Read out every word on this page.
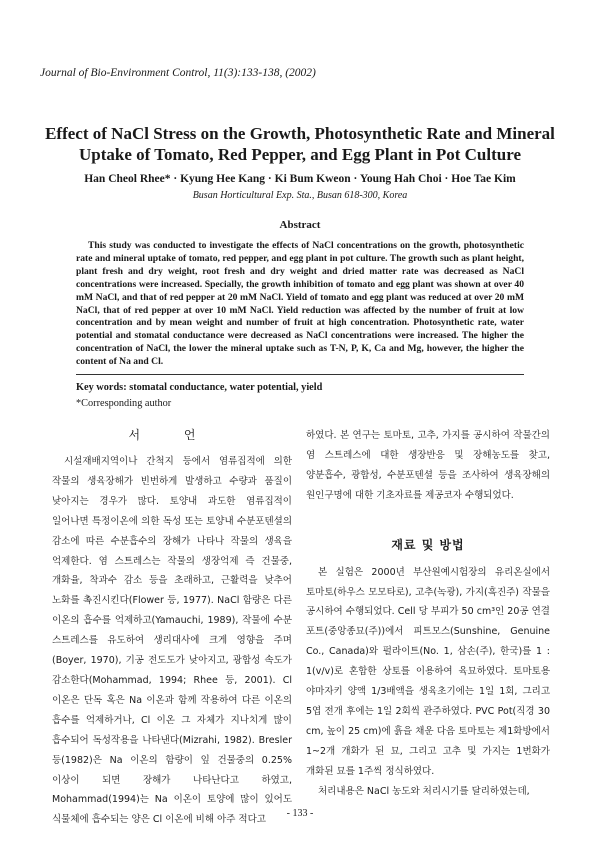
Journal of Bio-Environment Control, 11(3):133-138, (2002)
Effect of NaCl Stress on the Growth, Photosynthetic Rate and Mineral Uptake of Tomato, Red Pepper, and Egg Plant in Pot Culture
Han Cheol Rhee* · Kyung Hee Kang · Ki Bum Kweon · Young Hah Choi · Hoe Tae Kim
Busan Horticultural Exp. Sta., Busan 618-300, Korea
Abstract
This study was conducted to investigate the effects of NaCl concentrations on the growth, photosynthetic rate and mineral uptake of tomato, red pepper, and egg plant in pot culture. The growth such as plant height, plant fresh and dry weight, root fresh and dry weight and dried matter rate was decreased as NaCl concentrations were increased. Specially, the growth inhibition of tomato and egg plant was shown at over 40 mM NaCl, and that of red pepper at 20 mM NaCl. Yield of tomato and egg plant was reduced at over 20 mM NaCl, that of red pepper at over 10 mM NaCl. Yield reduction was affected by the number of fruit at low concentration and by mean weight and number of fruit at high concentration. Photosynthetic rate, water potential and stomatal conductance were decreased as NaCl concentrations were increased. The higher the concentration of NaCl, the lower the mineral uptake such as T-N, P, K, Ca and Mg, however, the higher the content of Na and Cl.
Key words: stomatal conductance, water potential, yield
*Corresponding author
서 언

시설재배지역이나 간척지 등에서 염류집적에 의한 작물의 생육장해가 빈번하게 발생하고 수량과 품질이 낮아지는 경우가 많다. 토양내 과도한 염류집적이 일어나면 특정이온에 의한 독성 또는 토양내 수분포텐셜의 감소에 따른 수분흡수의 장해가 나타나 작물의 생육을 억제한다. 염 스트레스는 작물의 생장억제 즉 건물중, 개화율, 착과수 감소 등을 초래하고, 근활력을 낮추어 노화를 촉진시킨다(Flower 등, 1977). NaCl 함량은 다른 이온의 흡수를 억제하고(Yamauchi, 1989), 작물에 수분 스트레스를 유도하여 생리대사에 크게 영향을 주며(Boyer, 1970), 기공 전도도가 낮아지고, 광합성 속도가 감소한다(Mohammad, 1994; Rhee 등, 2001). Cl 이온은 단독 혹은 Na 이온과 함께 작용하여 다른 이온의 흡수를 억제하거나, Cl 이온 그 자체가 지나치게 많이 흡수되어 독성작용을 나타낸다(Mizrahi, 1982). Bresler 등(1982)은 Na 이온의 함량이 잎 건물중의 0.25% 이상이 되면 장해가 나타난다고 하였고, Mohammad(1994)는 Na 이온이 토양에 많이 있어도 식물체에 흡수되는 양은 Cl 이온에 비해 아주 적다고

하였다. 본 연구는 토마토, 고추, 가지를 공시하여 작물간의 염 스트레스에 대한 생장반응 및 장해농도를 찾고, 양분흡수, 광합성, 수분포텐셜 등을 조사하여 생육장해의 원인구명에 대한 기초자료를 제공코자 수행되었다.

재료 및 방법

본 실험은 2000년 부산원예시험장의 유리온실에서 토마토(하우스 모모타로), 고추(녹광), 가지(흑진주) 작물을 공시하여 수행되었다. Cell 당 부피가 50 cm³인 20공 연결 포트(중앙종묘(주))에서 피트모스(Sunshine, Genuine Co., Canada)와 펄라이트(No. 1, 삼손(주), 한국)를 1 : 1(v/v)로 혼합한 상토를 이용하여 육묘하였다. 토마토용 야마자키 양액 1/3배액을 생육초기에는 1일 1회, 그리고 5엽 전개 후에는 1일 2회씩 관주하였다. PVC Pot(직경 30 cm, 높이 25 cm)에 흙을 채운 다음 토마토는 제1화방에서 1~2개 개화가 된 묘, 그리고 고추 및 가지는 1번화가 개화된 묘를 1주씩 정식하였다.

처리내용은 NaCl 농도와 처리시기를 달리하였는데,

- 133 -
